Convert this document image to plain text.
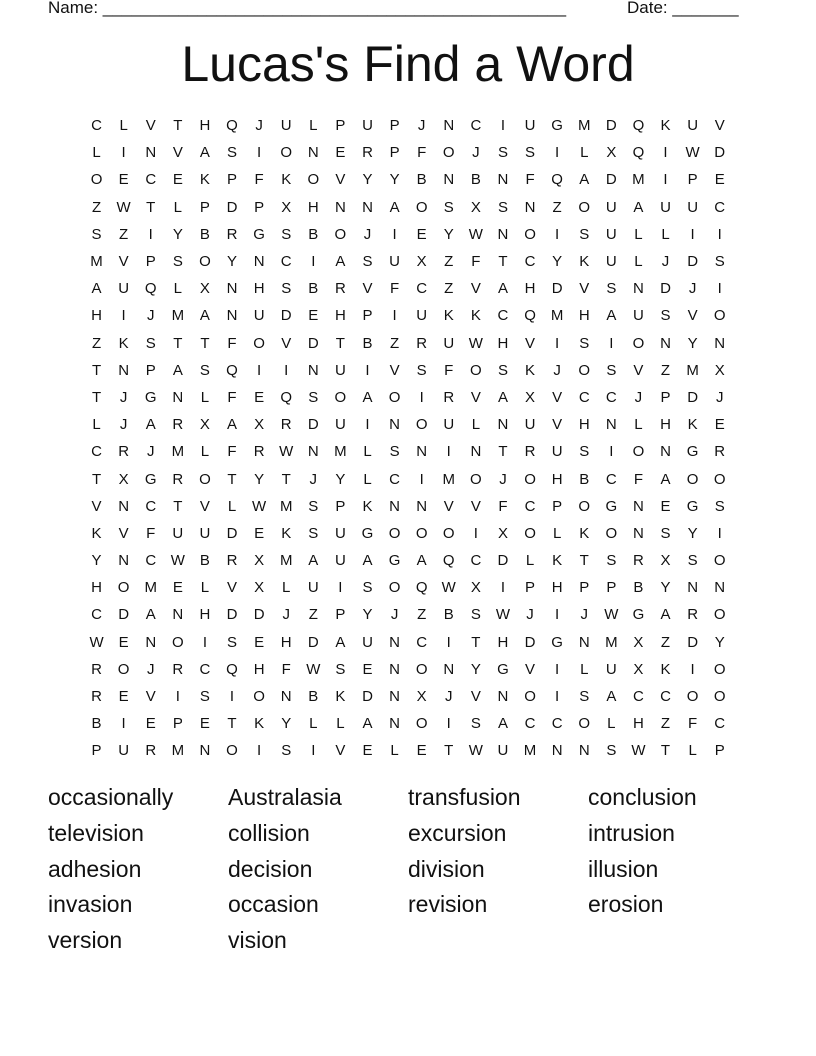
Name: _________________________________________________	Date: _______
Lucas's Find a Word
C	L	V	T	H	Q	J	U	L	P	U	P	J	N	C	I	U	G	M	D	Q	K	U	V
L	I	N	V	A	S	I	O	N	E	R	P	F	O	J	S	S	I	L	X	Q	I	W D
O	E	C	E	K	P	F	K	O	V	Y	Y	B	N	B	N	F	Q	A	D	M	I	P	E
Z	W	T	L	P	D	P	X	H	N	N	A	O	S	X	S	N	Z	O	U	A	U	U	C
S	Z	I	Y	B	R	G	S	B	O	J	I	E	Y	W N	O	I	S	U	L	L	I	I
M	V	P	S	O	Y	N	C	I	A	S	U	X	Z	F	T	C	Y	K	U	L	J	D	S
A	U	Q	L	X	N	H	S	B	R	V	F	C	Z	V	A	H	D	V	S	N	D	J	I
H	I	J	M	A	N	U	D	E	H	P	I	U	K	K	C	Q	M	H	A	U	S	V	O
Z	K	S	T	T	F	O	V	D	T	B	Z	R	U W H	V	I	S	I	O	N	Y	N
T	N	P	A	S	Q	I	I	N	U	I	V	S	F	O	S	K	J	O	S	V	Z	M	X
T	J	G	N	L	F	E	Q	S	O	A	O	I	R	V	A	X	V	C	C	J	P	D	J
L	J	A	R	X	A	X	R	D	U	I	N	O	U	L	N	U	V	H	N	L	H	K	E
C	R	J	M	L	F	R W N	M	L	S	N	I	N	T	R	U	S	I	O	N	G	R
T	X	G	R	O	T	Y	T	J	Y	L	C	I	M	O	J	O	H	B	C	F	A	O	O
V	N	C	T	V	L	W M	S	P	K	N	N	V	V	F	C	P	O	G	N	E	G	S
K	V	F	U	U	D	E	K	S	U	G	O	O	O	I	X	O	L	K	O	N	S	Y	I
Y	N	C W	B	R	X	M	A	U	A	G	A	Q	C	D	L	K	T	S	R	X	S	O
H	O	M	E	L	V	X	L	U	I	S	O	Q W	X	I	P	H	P	P	B	Y	N	N
C	D	A	N	H	D	D	J	Z	P	Y	J	Z	B	S	W	J	I	J	W G	A	R	O
W	E	N	O	I	S	E	H	D	A	U	N	C	I	T	H	D	G	N	M	X	Z	D	Y
R	O	J	R	C	Q	H	F	W	S	E	N	O	N	Y	G	V	I	L	U	X	K	I	O
R	E	V	I	S	I	O	N	B	K	D	N	X	J	V	N	O	I	S	A	C	C	O	O
B	I	E	P	E	T	K	Y	L	L	A	N	O	I	S	A	C	C	O	L	H	Z	F	C
P	U	R	M	N	O	I	S	I	V	E	L	E	T	W U	M	N	N	S	W	T	L	P
occasionally	Australasia	transfusion	conclusion
television	collision	excursion	intrusion
adhesion	decision	division	illusion
invasion	occasion	revision	erosion
version	vision
